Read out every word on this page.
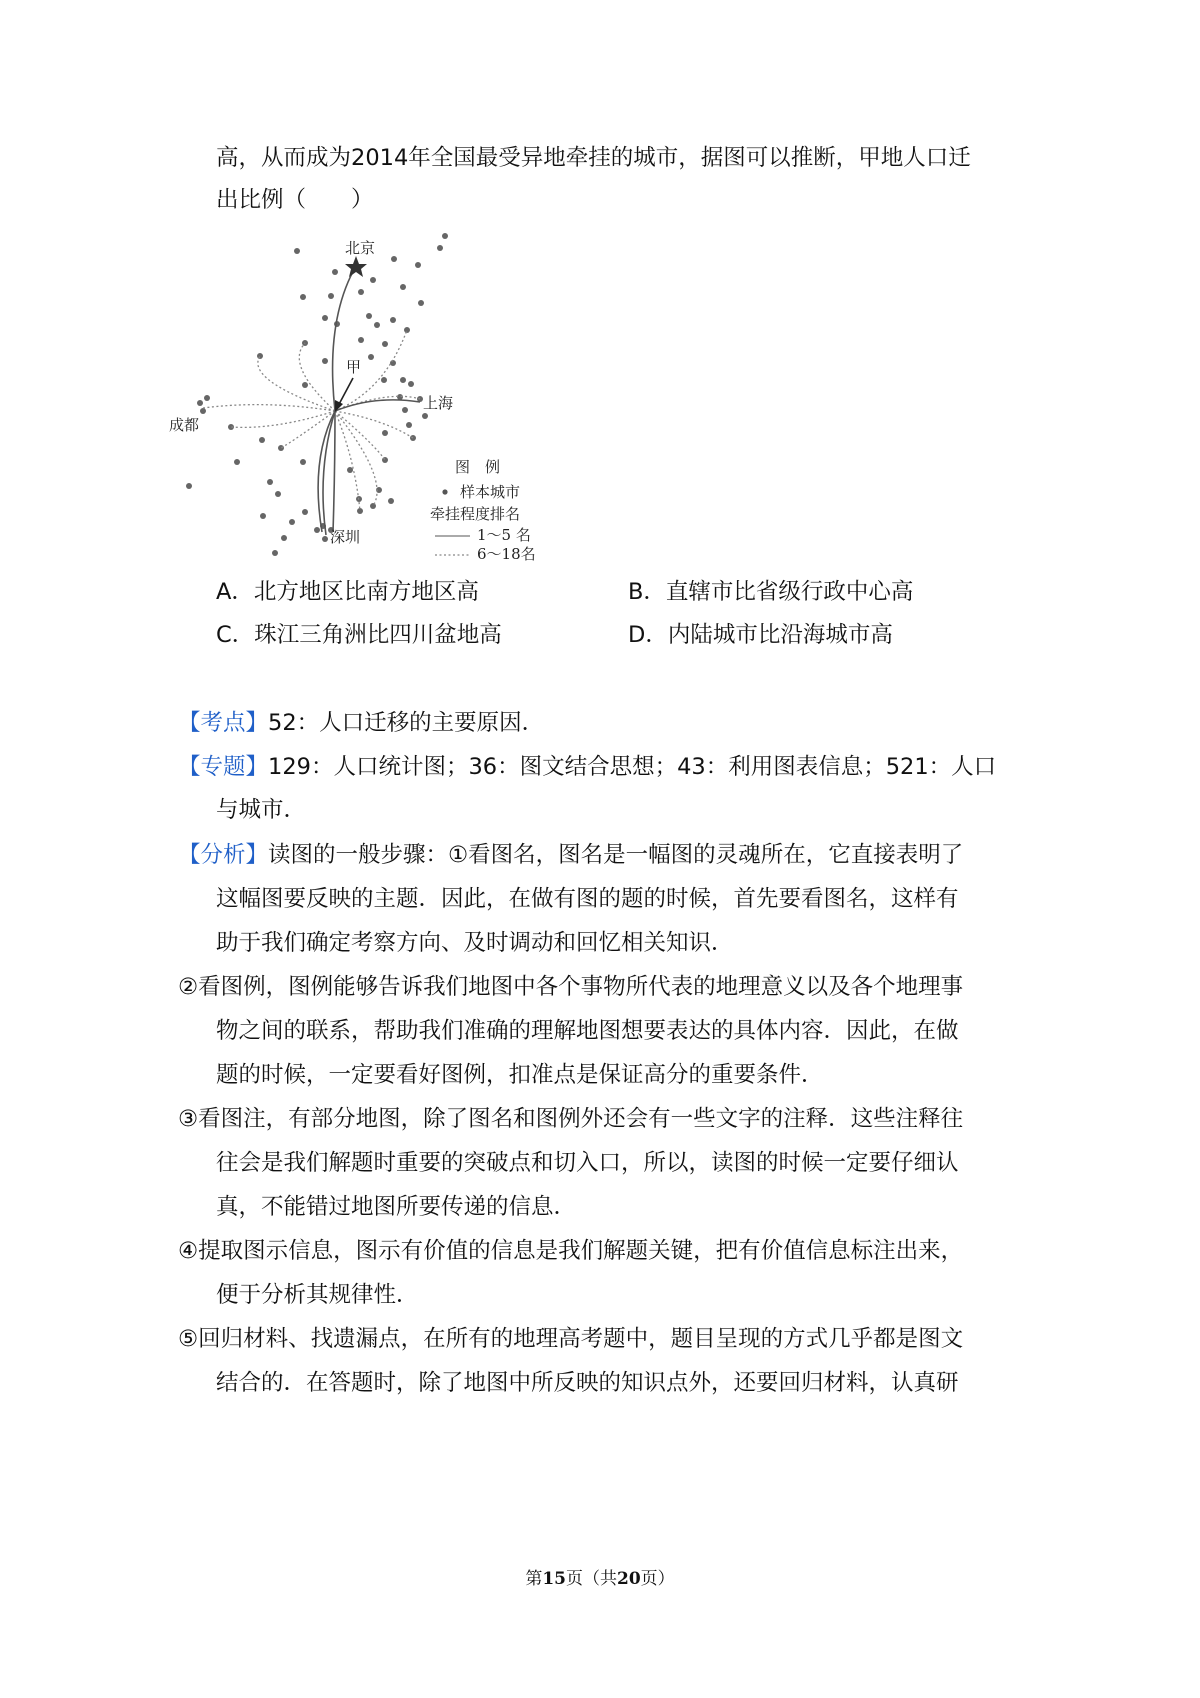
高，从而成为2014年全国最受异地牵挂的城市，据图可以推断，甲地人口迁
出比例（　　）
北京
上海
成都
深圳
甲
图　例
样本城市
牵挂程度排名
1～5 名
6～18名
A．北方地区比南方地区高	B．直辖市比省级行政中心高
C．珠江三角洲比四川盆地高	D．内陆城市比沿海城市高
【考点】52：人口迁移的主要原因．
【专题】129：人口统计图；36：图文结合思想；43：利用图表信息；521：人口
与城市．
【分析】读图的一般步骤：①看图名，图名是一幅图的灵魂所在，它直接表明了
这幅图要反映的主题．因此，在做有图的题的时候，首先要看图名，这样有
助于我们确定考察方向、及时调动和回忆相关知识．
②看图例，图例能够告诉我们地图中各个事物所代表的地理意义以及各个地理事
物之间的联系，帮助我们准确的理解地图想要表达的具体内容．因此，在做
题的时候，一定要看好图例，扣准点是保证高分的重要条件．
③看图注，有部分地图，除了图名和图例外还会有一些文字的注释．这些注释往
往会是我们解题时重要的突破点和切入口，所以，读图的时候一定要仔细认
真，不能错过地图所要传递的信息．
④提取图示信息，图示有价值的信息是我们解题关键，把有价值信息标注出来，
便于分析其规律性．
⑤回归材料、找遗漏点，在所有的地理高考题中，题目呈现的方式几乎都是图文
结合的．在答题时，除了地图中所反映的知识点外，还要回归材料，认真研
第15页（共20页）
